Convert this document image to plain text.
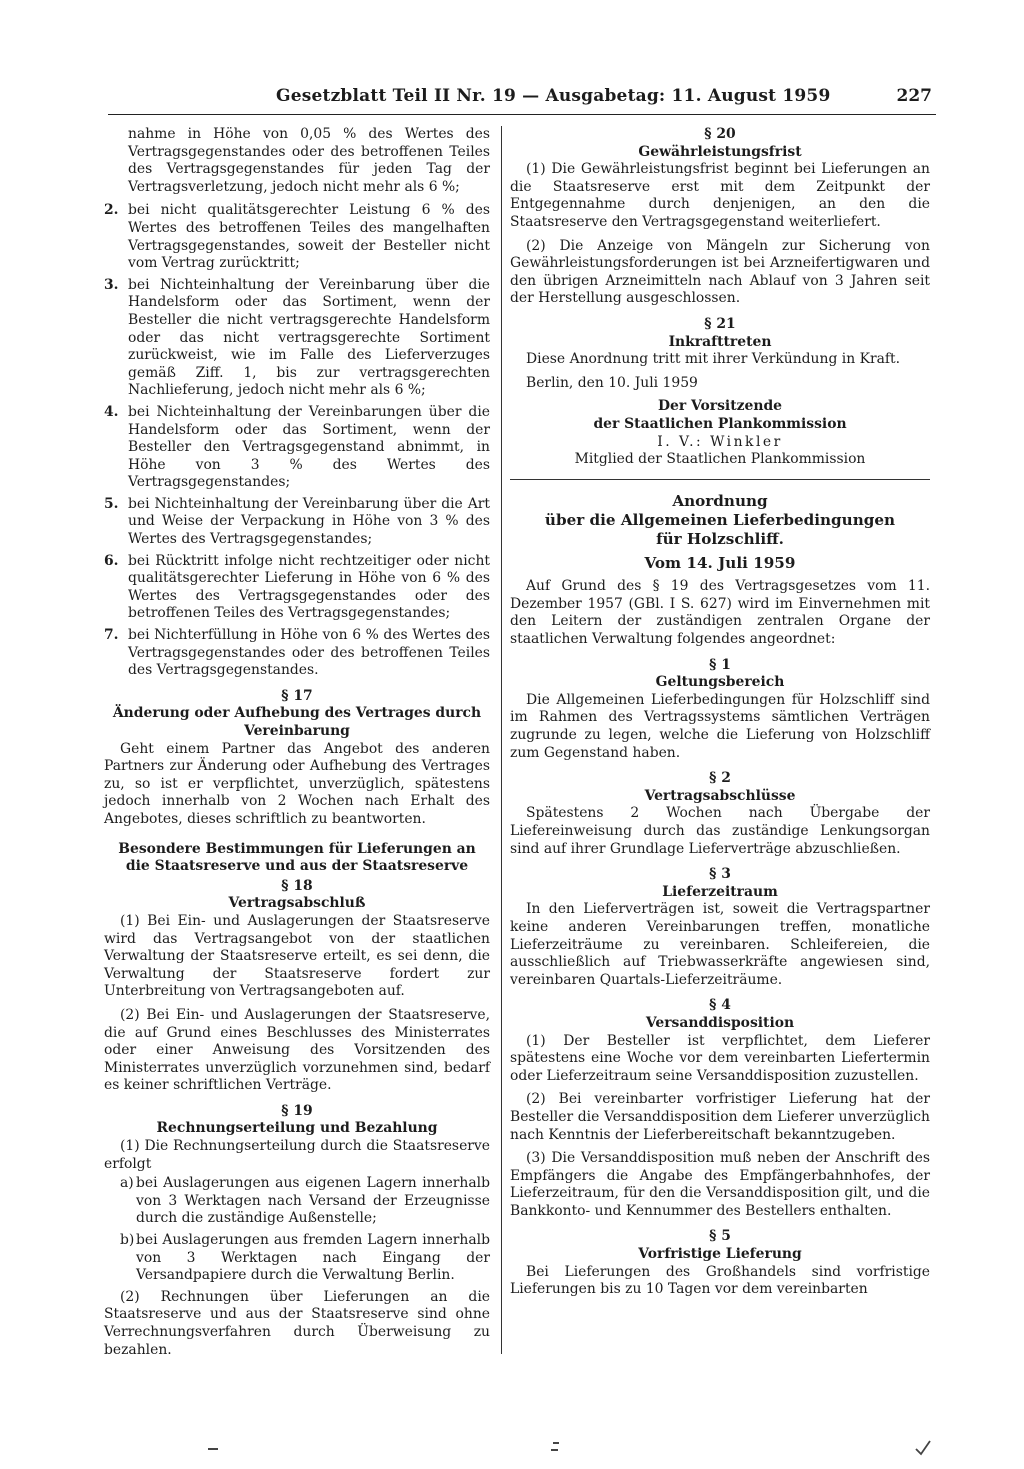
Gesetzblatt Teil II Nr. 19 — Ausgabetag: 11. August 1959	227

nahme in Höhe von 0,05 % des Wertes des Vertragsgegenstandes oder des betroffenen Teiles des Vertragsgegenstandes für jeden Tag der Vertragsverletzung, jedoch nicht mehr als 6 %;

2. bei nicht qualitätsgerechter Leistung 6 % des Wertes des betroffenen Teiles des mangelhaften Vertragsgegenstandes, soweit der Besteller nicht vom Vertrag zurücktritt;
3. bei Nichteinhaltung der Vereinbarung über die Handelsform oder das Sortiment, wenn der Besteller die nicht vertragsgerechte Handelsform oder das nicht vertragsgerechte Sortiment zurückweist, wie im Falle des Lieferverzuges gemäß Ziff. 1, bis zur vertragsgerechten Nachlieferung, jedoch nicht mehr als 6 %;
4. bei Nichteinhaltung der Vereinbarungen über die Handelsform oder das Sortiment, wenn der Besteller den Vertragsgegenstand abnimmt, in Höhe von 3 % des Wertes des Vertragsgegenstandes;
5. bei Nichteinhaltung der Vereinbarung über die Art und Weise der Verpackung in Höhe von 3 % des Wertes des Vertragsgegenstandes;
6. bei Rücktritt infolge nicht rechtzeitiger oder nicht qualitätsgerechter Lieferung in Höhe von 6 % des Wertes des Vertragsgegenstandes oder des betroffenen Teiles des Vertragsgegenstandes;
7. bei Nichterfüllung in Höhe von 6 % des Wertes des Vertragsgegenstandes oder des betroffenen Teiles des Vertragsgegenstandes.

§ 17

Änderung oder Aufhebung des Vertrages durch Vereinbarung

Geht einem Partner das Angebot des anderen Partners zur Änderung oder Aufhebung des Vertrages zu, so ist er verpflichtet, unverzüglich, spätestens jedoch innerhalb von 2 Wochen nach Erhalt des Angebotes, dieses schriftlich zu beantworten.

Besondere Bestimmungen für Lieferungen an die Staatsreserve und aus der Staatsreserve

§ 18

Vertragsabschluß

(1) Bei Ein- und Auslagerungen der Staatsreserve wird das Vertragsangebot von der staatlichen Verwaltung der Staatsreserve erteilt, es sei denn, die Verwaltung der Staatsreserve fordert zur Unterbreitung von Vertragsangeboten auf.

(2) Bei Ein- und Auslagerungen der Staatsreserve, die auf Grund eines Beschlusses des Ministerrates oder einer Anweisung des Vorsitzenden des Ministerrates unverzüglich vorzunehmen sind, bedarf es keiner schriftlichen Verträge.

§ 19

Rechnungserteilung und Bezahlung

(1) Die Rechnungserteilung durch die Staatsreserve erfolgt

a) bei Auslagerungen aus eigenen Lagern innerhalb von 3 Werktagen nach Versand der Erzeugnisse durch die zuständige Außenstelle;
b) bei Auslagerungen aus fremden Lagern innerhalb von 3 Werktagen nach Eingang der Versandpapiere durch die Verwaltung Berlin.

(2) Rechnungen über Lieferungen an die Staatsreserve und aus der Staatsreserve sind ohne Verrechnungsverfahren durch Überweisung zu bezahlen.

§ 20

Gewährleistungsfrist

(1) Die Gewährleistungsfrist beginnt bei Lieferungen an die Staatsreserve erst mit dem Zeitpunkt der Entgegennahme durch denjenigen, an den die Staatsreserve den Vertragsgegenstand weiterliefert.

(2) Die Anzeige von Mängeln zur Sicherung von Gewährleistungsforderungen ist bei Arzneifertigwaren und den übrigen Arzneimitteln nach Ablauf von 3 Jahren seit der Herstellung ausgeschlossen.

§ 21

Inkrafttreten

Diese Anordnung tritt mit ihrer Verkündung in Kraft.

Berlin, den 10. Juli 1959

Der Vorsitzende

der Staatlichen Plankommission

I. V.: Winkler

Mitglied der Staatlichen Plankommission

Anordnung

über die Allgemeinen Lieferbedingungen

für Holzschliff.

Vom 14. Juli 1959

Auf Grund des § 19 des Vertragsgesetzes vom 11. Dezember 1957 (GBl. I S. 627) wird im Einvernehmen mit den Leitern der zuständigen zentralen Organe der staatlichen Verwaltung folgendes angeordnet:

§ 1

Geltungsbereich

Die Allgemeinen Lieferbedingungen für Holzschliff sind im Rahmen des Vertragssystems sämtlichen Verträgen zugrunde zu legen, welche die Lieferung von Holzschliff zum Gegenstand haben.

§ 2

Vertragsabschlüsse

Spätestens 2 Wochen nach Übergabe der Liefereinweisung durch das zuständige Lenkungsorgan sind auf ihrer Grundlage Lieferverträge abzuschließen.

§ 3

Lieferzeitraum

In den Lieferverträgen ist, soweit die Vertragspartner keine anderen Vereinbarungen treffen, monatliche Lieferzeiträume zu vereinbaren. Schleifereien, die ausschließlich auf Triebwasserkräfte angewiesen sind, vereinbaren Quartals-Lieferzeiträume.

§ 4

Versanddisposition

(1) Der Besteller ist verpflichtet, dem Lieferer spätestens eine Woche vor dem vereinbarten Liefertermin oder Lieferzeitraum seine Versanddisposition zuzustellen.

(2) Bei vereinbarter vorfristiger Lieferung hat der Besteller die Versanddisposition dem Lieferer unverzüglich nach Kenntnis der Lieferbereitschaft bekanntzugeben.

(3) Die Versanddisposition muß neben der Anschrift des Empfängers die Angabe des Empfängerbahnhofes, der Lieferzeitraum, für den die Versanddisposition gilt, und die Bankkonto- und Kennummer des Bestellers enthalten.

§ 5

Vorfristige Lieferung

Bei Lieferungen des Großhandels sind vorfristige Lieferungen bis zu 10 Tagen vor dem vereinbarten
